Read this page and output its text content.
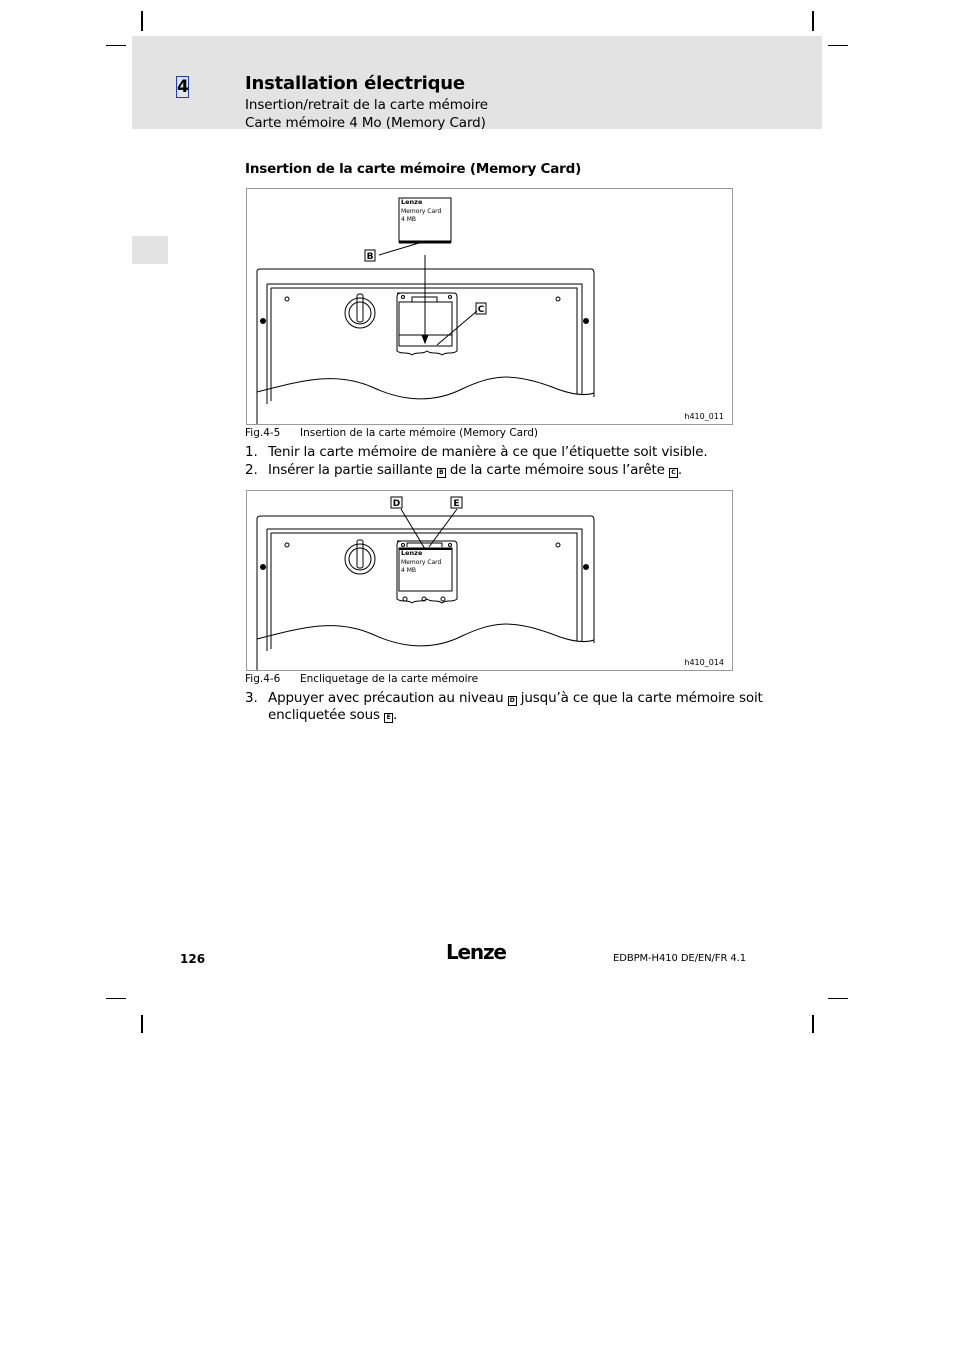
4	Installation électrique
Insertion/retrait de la carte mémoire
Carte mémoire 4 Mo (Memory Card)
Insertion de la carte mémoire (Memory Card)
Lenze
Memory Card
4 MB
B
C
h410_011
Fig.4-5 Insertion de la carte mémoire (Memory Card)
1. Tenir la carte mémoire de manière à ce que l’étiquette soit visible.
2. Insérer la partie saillante B de la carte mémoire sous l’arête C .
Lenze
Memory Card
4 MB
D	E
h410_014
Fig.4-6 Encliquetage de la carte mémoire
3. Appuyer avec précaution au niveau D jusqu’à ce que la carte mémoire soit
encliquetée sous E .
126	Lenze	EDBPM-H410 DE/EN/FR 4.1
